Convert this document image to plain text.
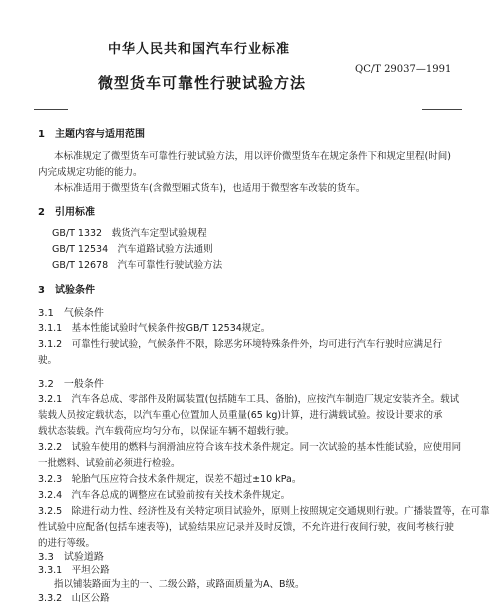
中华人民共和国汽车行业标准
QC/T 29037—1991
微型货车可靠性行驶试验方法
1　主题内容与适用范围
本标准规定了微型货车可靠性行驶试验方法，用以评价微型货车在规定条件下和规定里程(时间)
内完成规定功能的能力。
本标准适用于微型货车(含微型厢式货车)，也适用于微型客车改装的货车。
2　引用标准
GB/T 1332　载货汽车定型试验规程
GB/T 12534　汽车道路试验方法通则
GB/T 12678　汽车可靠性行驶试验方法
3　试验条件
3.1　气候条件
3.1.1　基本性能试验时气候条件按GB/T 12534规定。
3.1.2　可靠性行驶试验，气候条件不限，除恶劣环境特殊条件外，均可进行汽车行驶时应满足行
驶。
3.2　一般条件
3.2.1　汽车各总成、零部件及附属装置(包括随车工具、备胎)，应按汽车制造厂规定安装齐全。载试
装载人员按定载状态，以汽车重心位置加人员重量(65 kg)计算，进行满载试验。按设计要求的承
载状态装载。汽车载荷应均匀分布，以保证车辆不超载行驶。
3.2.2　试验车使用的燃料与润滑油应符合该车技术条件规定。同一次试验的基本性能试验，应使用同
一批燃料、试验前必须进行检验。
3.2.3　轮胎气压应符合技术条件规定，误差不超过±10 kPa。
3.2.4　汽车各总成的调整应在试验前按有关技术条件规定。
3.2.5　除进行动力性、经济性及有关特定项目试验外，原则上按照规定交通规则行驶。广播装置等，在可靠
性试验中应配备(包括车速表等)，试验结果应记录并及时反馈，不允许进行夜间行驶，夜间考核行驶
的进行等级。
3.3　试验道路
3.3.1　平坦公路
指以铺装路面为主的一、二级公路，或路面质量为A、B级。
3.3.2　山区公路
